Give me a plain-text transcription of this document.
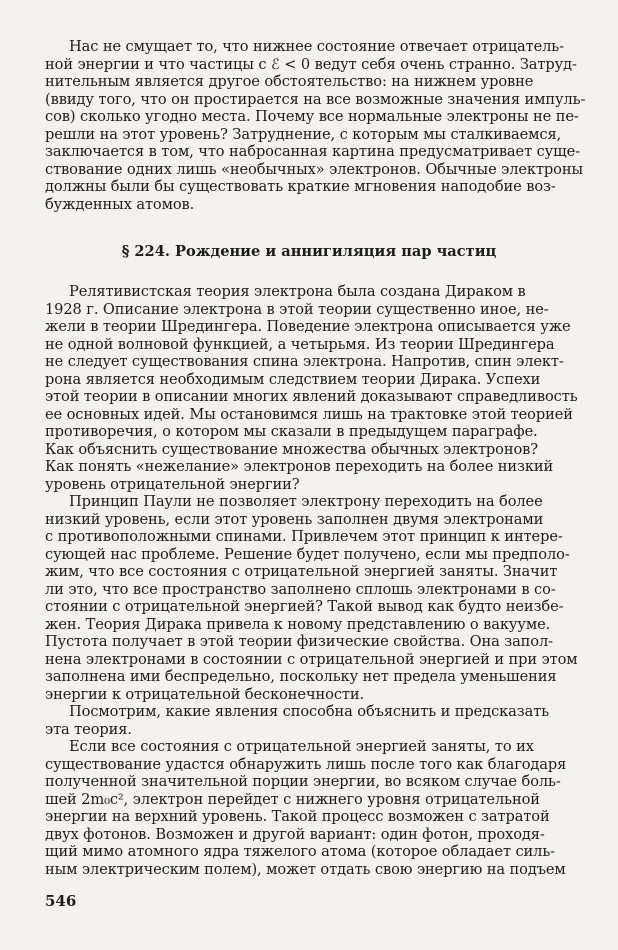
Нас не смущает то, что нижнее состояние отвечает отрицатель-
ной энергии и что частицы с ℰ < 0 ведут себя очень странно. Затруд-
нительным является другое обстоятельство: на нижнем уровне
(ввиду того, что он простирается на все возможные значения импуль-
сов) сколько угодно места. Почему все нормальные электроны не пе-
решли на этот уровень? Затруднение, с которым мы сталкиваемся,
заключается в том, что набросанная картина предусматривает суще-
ствование одних лишь «необычных» электронов. Обычные электроны
должны были бы существовать краткие мгновения наподобие воз-
бужденных атомов.
§ 224. Рождение и аннигиляция пар частиц
Релятивистская теория электрона была создана Дираком в
1928 г. Описание электрона в этой теории существенно иное, не-
жели в теории Шредингера. Поведение электрона описывается уже
не одной волновой функцией, а четырьмя. Из теории Шредингера
не следует существования спина электрона. Напротив, спин элект-
рона является необходимым следствием теории Дирака. Успехи
этой теории в описании многих явлений доказывают справедливость
ее основных идей. Мы остановимся лишь на трактовке этой теорией
противоречия, о котором мы сказали в предыдущем параграфе.
Как объяснить существование множества обычных электронов?
Как понять «нежелание» электронов переходить на более низкий
уровень отрицательной энергии?
Принцип Паули не позволяет электрону переходить на более
низкий уровень, если этот уровень заполнен двумя электронами
с противоположными спинами. Привлечем этот принцип к интере-
сующей нас проблеме. Решение будет получено, если мы предполо-
жим, что все состояния с отрицательной энергией заняты. Значит
ли это, что все пространство заполнено сплошь электронами в со-
стоянии с отрицательной энергией? Такой вывод как будто неизбе-
жен. Теория Дирака привела к новому представлению о вакууме.
Пустота получает в этой теории физические свойства. Она запол-
нена электронами в состоянии с отрицательной энергией и при этом
заполнена ими беспредельно, поскольку нет предела уменьшения
энергии к отрицательной бесконечности.
Посмотрим, какие явления способна объяснить и предсказать
эта теория.
Если все состояния с отрицательной энергией заняты, то их
существование удастся обнаружить лишь после того как благодаря
полученной значительной порции энергии, во всяком случае боль-
шей 2m₀c², электрон перейдет с нижнего уровня отрицательной
энергии на верхний уровень. Такой процесс возможен с затратой
двух фотонов. Возможен и другой вариант: один фотон, проходя-
щий мимо атомного ядра тяжелого атома (которое обладает силь-
ным электрическим полем), может отдать свою энергию на подъем
546
